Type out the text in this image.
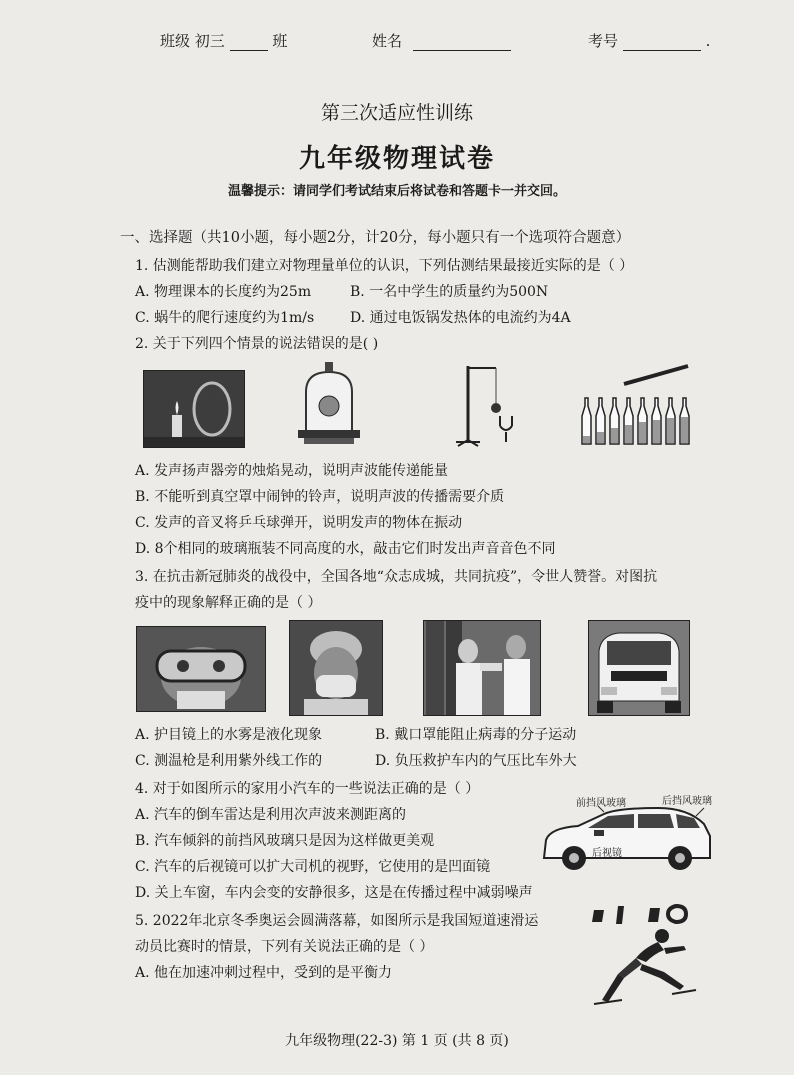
班级 初三	班	姓名	考号	.
第三次适应性训练
九年级物理试卷
温馨提示：请同学们考试结束后将试卷和答题卡一并交回。
一、选择题（共10小题，每小题2分，计20分，每小题只有一个选项符合题意）
1. 估测能帮助我们建立对物理量单位的认识，下列估测结果最接近实际的是（ ）
A. 物理课本的长度约为25m	B. 一名中学生的质量约为500N
C. 蜗牛的爬行速度约为1m/s	D. 通过电饭锅发热体的电流约为4A
2. 关于下列四个情景的说法错误的是( )
A. 发声扬声器旁的烛焰晃动，说明声波能传递能量
B. 不能听到真空罩中闹钟的铃声，说明声波的传播需要介质
C. 发声的音叉将乒乓球弹开，说明发声的物体在振动
D. 8个相同的玻璃瓶装不同高度的水，敲击它们时发出声音音色不同
3. 在抗击新冠肺炎的战役中，全国各地“众志成城，共同抗疫”，令世人赞誉。对图抗
疫中的现象解释正确的是（ ）
A. 护目镜上的水雾是液化现象	B. 戴口罩能阻止病毒的分子运动
C. 测温枪是利用紫外线工作的	D. 负压救护车内的气压比车外大
4. 对于如图所示的家用小汽车的一些说法正确的是（ ）
A. 汽车的倒车雷达是利用次声波来测距离的
B. 汽车倾斜的前挡风玻璃只是因为这样做更美观
C. 汽车的后视镜可以扩大司机的视野，它使用的是凹面镜
D. 关上车窗，车内会变的安静很多，这是在传播过程中减弱噪声
前挡风玻璃	后挡风玻璃
后视镜
5. 2022年北京冬季奥运会圆满落幕，如图所示是我国短道速滑运
动员比赛时的情景，下列有关说法正确的是（ ）
A. 他在加速冲刺过程中，受到的是平衡力
九年级物理(22-3) 第 1 页 (共 8 页)
